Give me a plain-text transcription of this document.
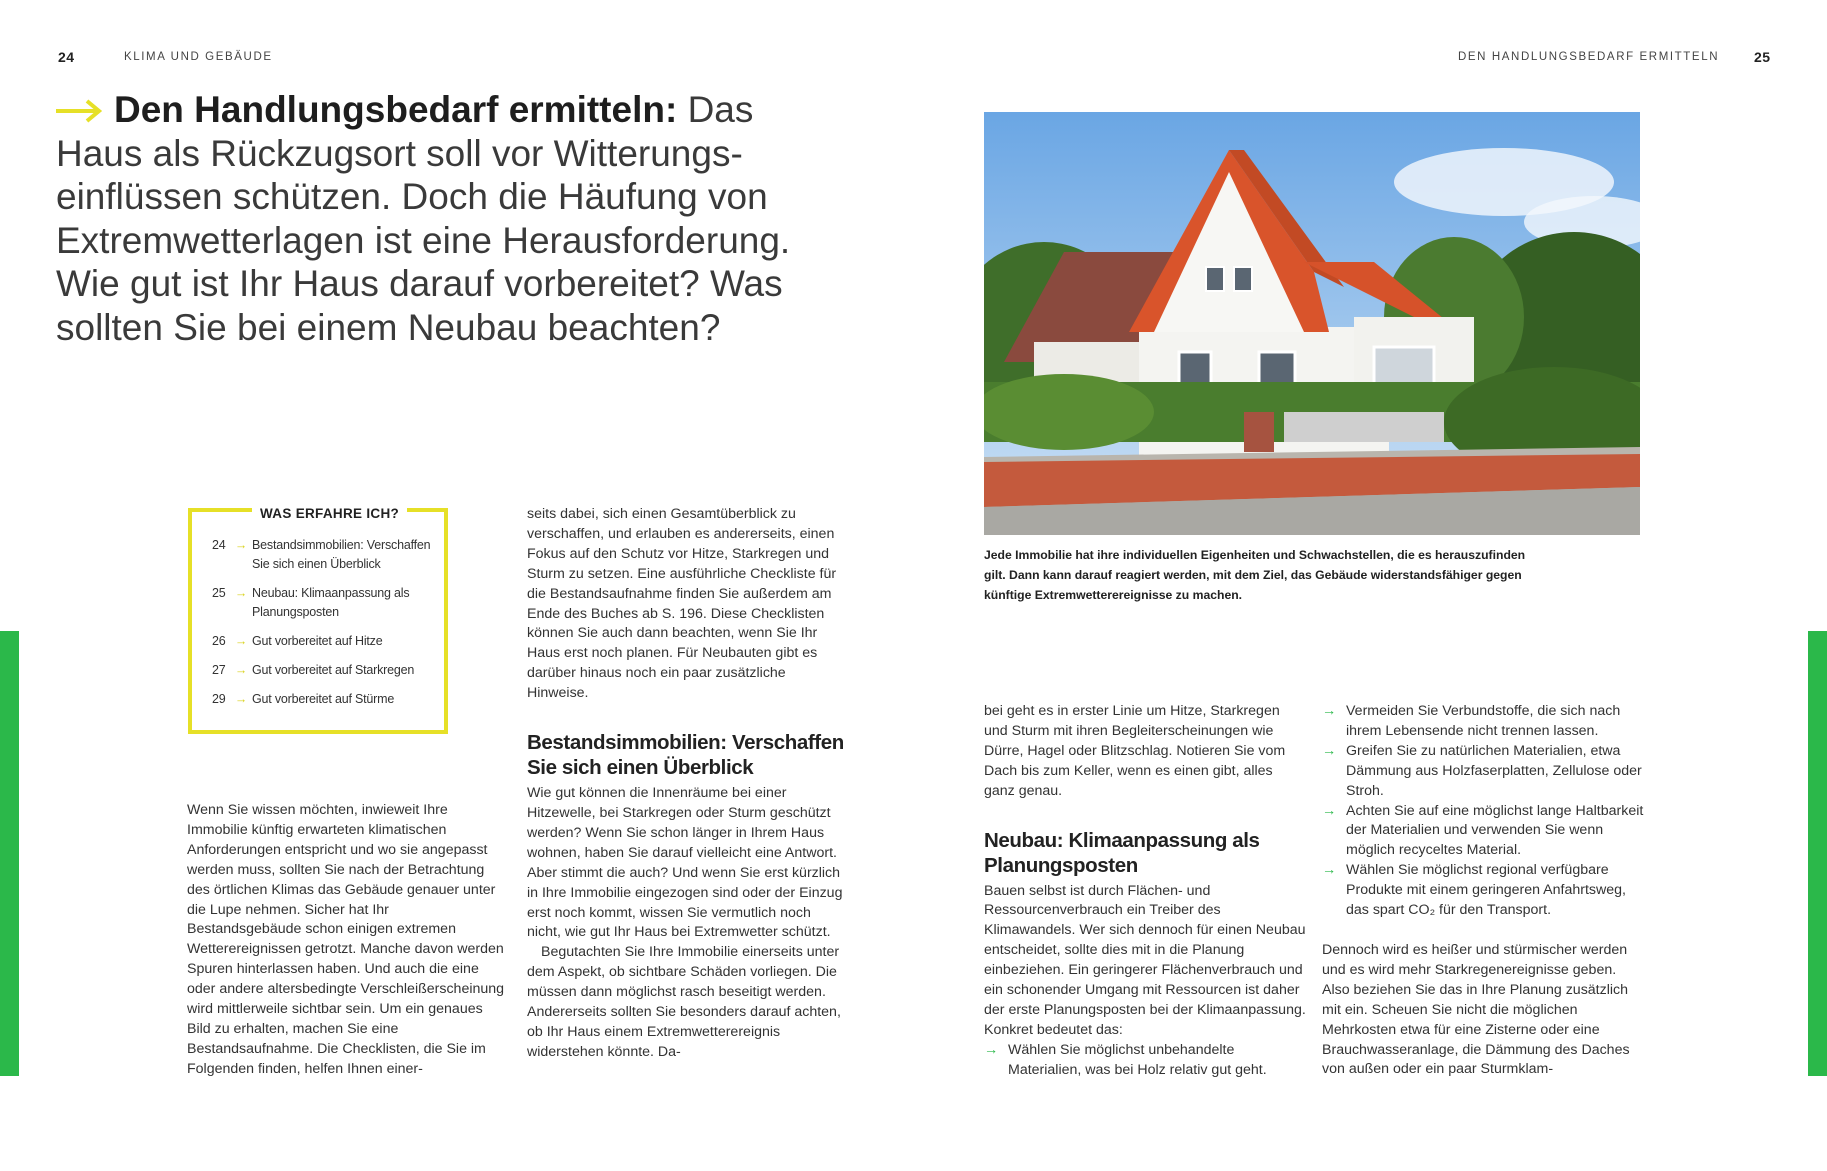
24	KLIMA UND GEBÄUDE	DEN HANDLUNGSBEDARF ERMITTELN 25
Den Handlungsbedarf ermitteln: Das Haus als Rückzugsort soll vor Witterungseinflüssen schützen. Doch die Häufung von Extremwetterlagen ist eine Herausforderung. Wie gut ist Ihr Haus darauf vorbereitet? Was sollten Sie bei einem Neubau beachten?
WAS ERFAHRE ICH?
24 → Bestandsimmobilien: Verschaffen Sie sich einen Überblick
25 → Neubau: Klimaanpassung als Planungsposten
26 → Gut vorbereitet auf Hitze
27 → Gut vorbereitet auf Starkregen
29 → Gut vorbereitet auf Stürme

Wenn Sie wissen möchten, inwieweit Ihre Immobilie künftig erwarteten klimatischen Anforderungen entspricht und wo sie angepasst werden muss, sollten Sie nach der Betrachtung des örtlichen Klimas das Gebäude genauer unter die Lupe nehmen. Sicher hat Ihr Bestandsgebäude schon einigen extremen Wetterereignissen getrotzt. Manche davon werden Spuren hinterlassen haben. Und auch die eine oder andere altersbedingte Verschleißerscheinung wird mittlerweile sichtbar sein. Um ein genaues Bild zu erhalten, machen Sie eine Bestandsaufnahme. Die Checklisten, die Sie im Folgenden finden, helfen Ihnen einer-

seits dabei, sich einen Gesamtüberblick zu verschaffen, und erlauben es andererseits, einen Fokus auf den Schutz vor Hitze, Starkregen und Sturm zu setzen. Eine ausführliche Checkliste für die Bestandsaufnahme finden Sie außerdem am Ende des Buches ab S. 196. Diese Checklisten können Sie auch dann beachten, wenn Sie Ihr Haus erst noch planen. Für Neubauten gibt es darüber hinaus noch ein paar zusätzliche Hinweise.

Bestandsimmobilien: Verschaffen Sie sich einen Überblick

Wie gut können die Innenräume bei einer Hitzewelle, bei Starkregen oder Sturm geschützt werden? Wenn Sie schon länger in Ihrem Haus wohnen, haben Sie darauf vielleicht eine Antwort. Aber stimmt die auch? Und wenn Sie erst kürzlich in Ihre Immobilie eingezogen sind oder der Einzug erst noch kommt, wissen Sie vermutlich noch nicht, wie gut Ihr Haus bei Extremwetter schützt.

Begutachten Sie Ihre Immobilie einerseits unter dem Aspekt, ob sichtbare Schäden vorliegen. Die müssen dann möglichst rasch beseitigt werden. Andererseits sollten Sie besonders darauf achten, ob Ihr Haus einem Extremwetterereignis widerstehen könnte. Da-

Jede Immobilie hat ihre individuellen Eigenheiten und Schwachstellen, die es herauszufinden gilt. Dann kann darauf reagiert werden, mit dem Ziel, das Gebäude widerstandsfähiger gegen künftige Extremwetterereignisse zu machen.

bei geht es in erster Linie um Hitze, Starkregen und Sturm mit ihren Begleiterscheinungen wie Dürre, Hagel oder Blitzschlag. Notieren Sie vom Dach bis zum Keller, wenn es einen gibt, alles ganz genau.

Neubau: Klimaanpassung als Planungsposten

Bauen selbst ist durch Flächen- und Ressourcenverbrauch ein Treiber des Klimawandels. Wer sich dennoch für einen Neubau entscheidet, sollte dies mit in die Planung einbeziehen. Ein geringerer Flächenverbrauch und ein schonender Umgang mit Ressourcen ist daher der erste Planungsposten bei der Klimaanpassung. Konkret bedeutet das:

→ Wählen Sie möglichst unbehandelte Materialien, was bei Holz relativ gut geht.
→ Vermeiden Sie Verbundstoffe, die sich nach ihrem Lebensende nicht trennen lassen.
→ Greifen Sie zu natürlichen Materialien, etwa Dämmung aus Holzfaserplatten, Zellulose oder Stroh.
→ Achten Sie auf eine möglichst lange Haltbarkeit der Materialien und verwenden Sie wenn möglich recyceltes Material.
→ Wählen Sie möglichst regional verfügbare Produkte mit einem geringeren Anfahrtsweg, das spart CO₂ für den Transport.

Dennoch wird es heißer und stürmischer werden und es wird mehr Starkregenereignisse geben. Also beziehen Sie das in Ihre Planung zusätzlich mit ein. Scheuen Sie nicht die möglichen Mehrkosten etwa für eine Zisterne oder eine Brauchwasseranlage, die Dämmung des Daches von außen oder ein paar Sturmklam-
